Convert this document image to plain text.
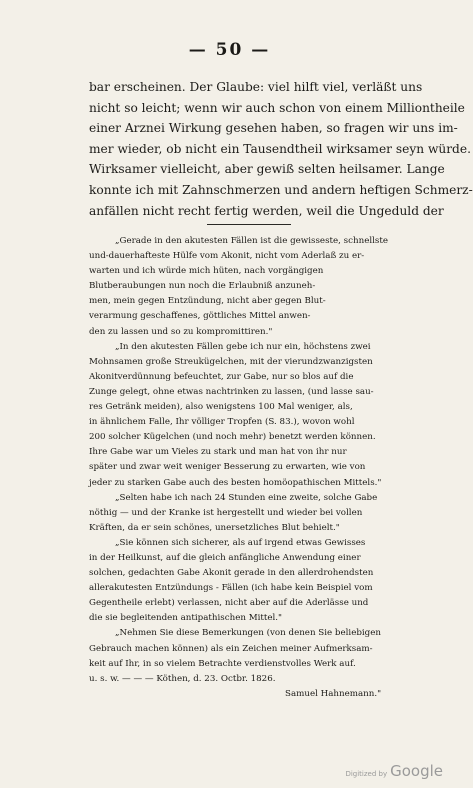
— 50 —
bar erscheinen. Der Glaube: viel hilft viel, verläßt uns
nicht so leicht; wenn wir auch schon von einem Milliontheile
einer Arznei Wirkung gesehen haben, so fragen wir uns im-
mer wieder, ob nicht ein Tausendtheil wirksamer seyn würde.
Wirksamer vielleicht, aber gewiß selten heilsamer. Lange
konnte ich mit Zahnschmerzen und andern heftigen Schmerz-
anfällen nicht recht fertig werden, weil die Ungeduld der
„Gerade in den akutesten Fällen ist die gewisseste, schnellste
und-dauerhafteste Hülfe vom Akonit, nicht vom Aderlaß zu er-
warten und ich würde mich hüten, nach vorgängigen
Blutberaubungen nun noch die Erlaubniß anzuneh-
men, mein gegen Entzündung, nicht aber gegen Blut-
verarmung geschaffenes, göttliches Mittel anwen-
den zu lassen und so zu kompromittiren."
„In den akutesten Fällen gebe ich nur ein, höchstens zwei
Mohnsamen große Streukügelchen, mit der vierundzwanzigsten
Akonitverdünnung befeuchtet, zur Gabe, nur so blos auf die
Zunge gelegt, ohne etwas nachtrinken zu lassen, (und lasse sau-
res Getränk meiden), also wenigstens 100 Mal weniger, als,
in ähnlichem Falle, Ihr völliger Tropfen (S. 83.), wovon wohl
200 solcher Kügelchen (und noch mehr) benetzt werden können.
Ihre Gabe war um Vieles zu stark und man hat von ihr nur
später und zwar weit weniger Besserung zu erwarten, wie von
jeder zu starken Gabe auch des besten homöopathischen Mittels."
„Selten habe ich nach 24 Stunden eine zweite, solche Gabe
nöthig — und der Kranke ist hergestellt und wieder bei vollen
Kräften, da er sein schönes, unersetzliches Blut behielt."
„Sie können sich sicherer, als auf irgend etwas Gewisses
in der Heilkunst, auf die gleich anfängliche Anwendung einer
solchen, gedachten Gabe Akonit gerade in den allerdrohendsten
allerakutesten Entzündungs - Fällen (ich habe kein Beispiel vom
Gegentheile erlebt) verlassen, nicht aber auf die Aderlässe und
die sie begleitenden antipathischen Mittel."
„Nehmen Sie diese Bemerkungen (von denen Sie beliebigen
Gebrauch machen können) als ein Zeichen meiner Aufmerksam-
keit auf Ihr, in so vielem Betrachte verdienstvolles Werk auf.
u. s. w. — — — Köthen, d. 23. Octbr. 1826.
Samuel Hahnemann."
Digitized by Google
